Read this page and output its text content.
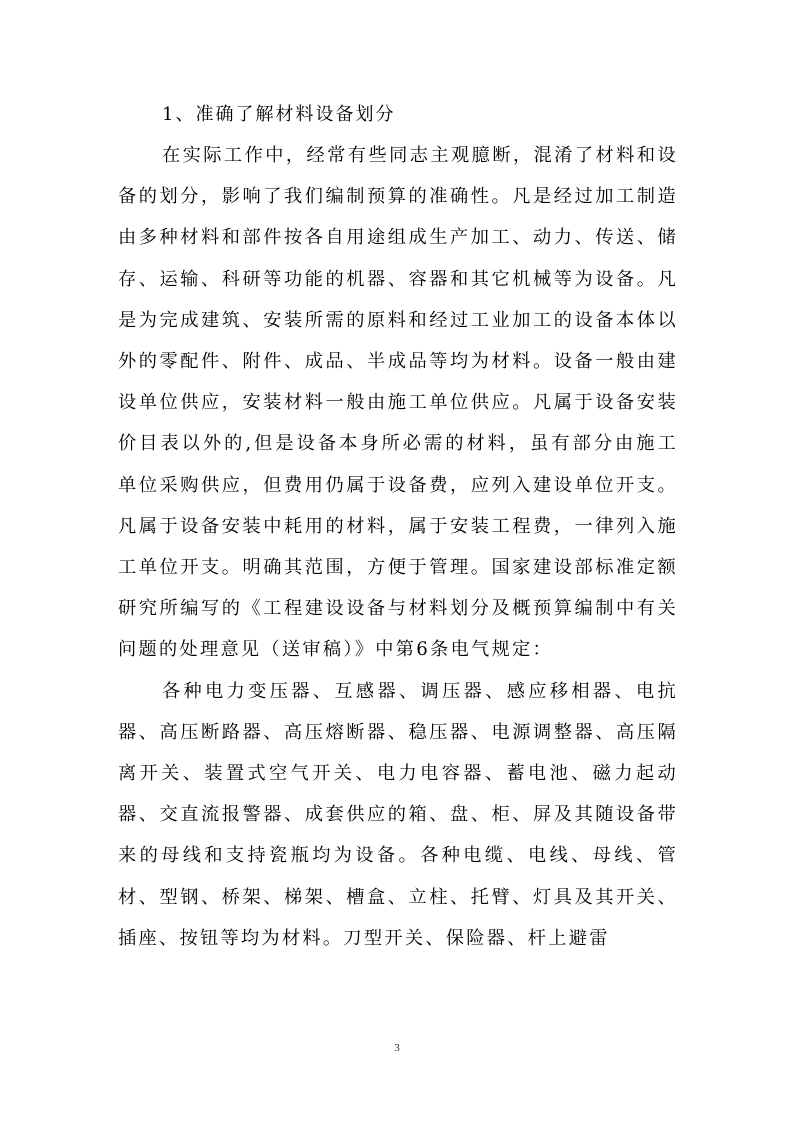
1、准确了解材料设备划分

在实际工作中，经常有些同志主观臆断，混淆了材料和设备的划分，影响了我们编制预算的准确性。凡是经过加工制造由多种材料和部件按各自用途组成生产加工、动力、传送、储存、运输、科研等功能的机器、容器和其它机械等为设备。凡是为完成建筑、安装所需的原料和经过工业加工的设备本体以外的零配件、附件、成品、半成品等均为材料。设备一般由建设单位供应，安装材料一般由施工单位供应。凡属于设备安装价目表以外的,但是设备本身所必需的材料，虽有部分由施工单位采购供应，但费用仍属于设备费，应列入建设单位开支。凡属于设备安装中耗用的材料，属于安装工程费，一律列入施工单位开支。明确其范围，方便于管理。国家建设部标准定额研究所编写的《工程建设设备与材料划分及概预算编制中有关问题的处理意见（送审稿）》中第6条电气规定：

各种电力变压器、互感器、调压器、感应移相器、电抗器、高压断路器、高压熔断器、稳压器、电源调整器、高压隔离开关、装置式空气开关、电力电容器、蓄电池、磁力起动器、交直流报警器、成套供应的箱、盘、柜、屏及其随设备带来的母线和支持瓷瓶均为设备。各种电缆、电线、母线、管材、型钢、桥架、梯架、槽盒、立柱、托臂、灯具及其开关、插座、按钮等均为材料。刀型开关、保险器、杆上避雷

3
